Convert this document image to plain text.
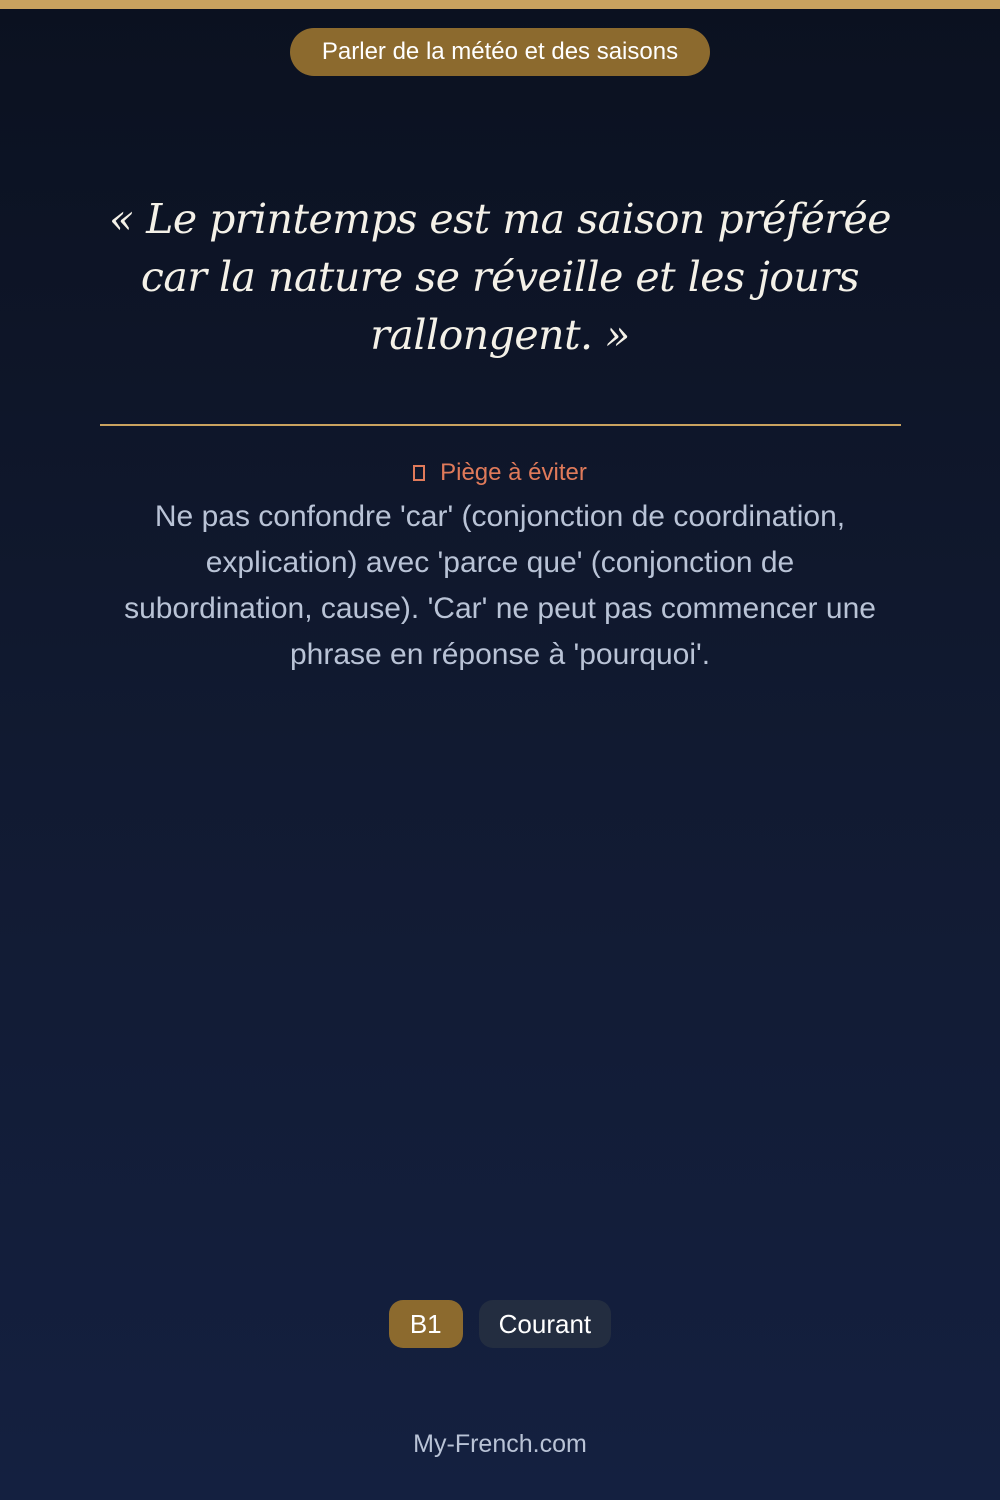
Parler de la météo et des saisons

« Le printemps est ma saison préférée car la nature se réveille et les jours rallongent. »

Piège à éviter

Ne pas confondre 'car' (conjonction de coordination, explication) avec 'parce que' (conjonction de subordination, cause). 'Car' ne peut pas commencer une phrase en réponse à 'pourquoi'.

B1	Courant
My-French.com
